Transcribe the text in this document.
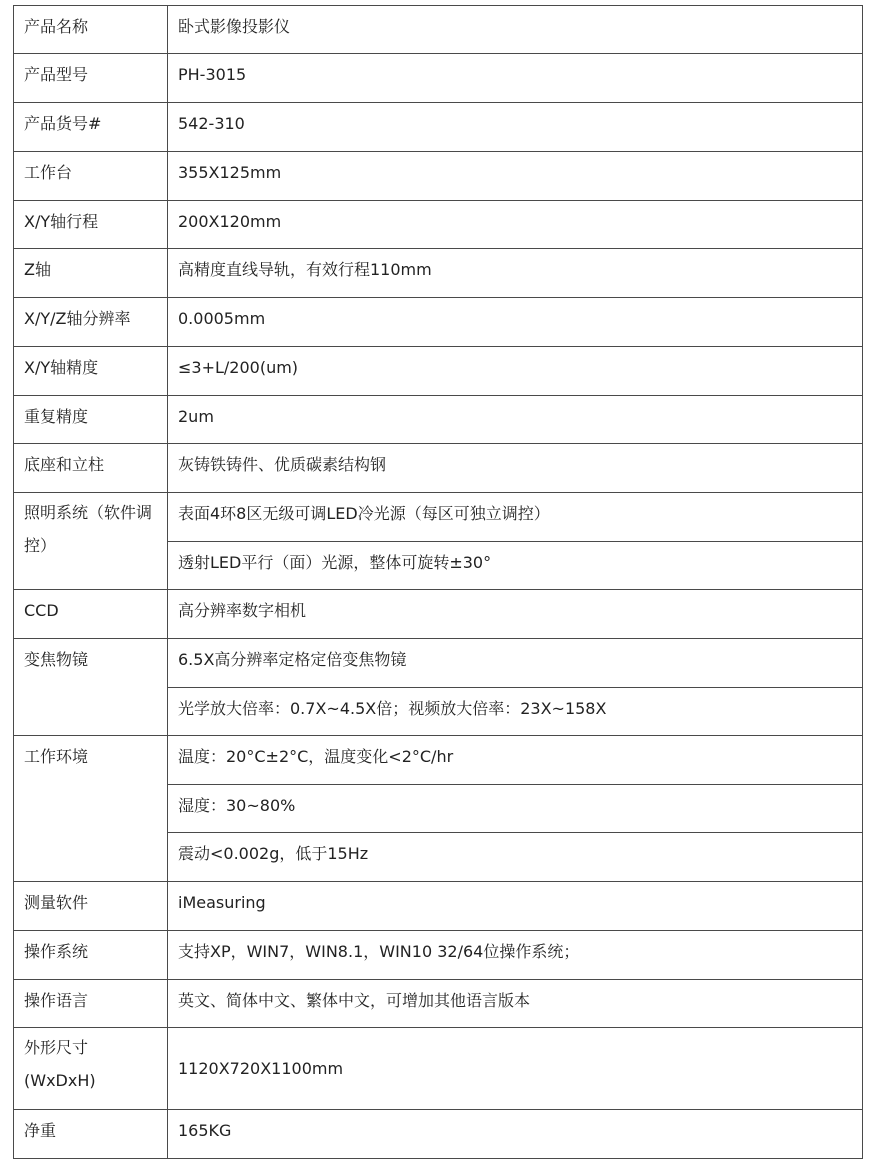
产品名称	卧式影像投影仪
产品型号	PH-3015
产品货号#	542-310
工作台	355X125mm
X/Y轴行程	200X120mm
Z轴	高精度直线导轨，有效行程110mm
X/Y/Z轴分辨率	0.0005mm
X/Y轴精度	≤3+L/200(um)
重复精度	2um
底座和立柱	灰铸铁铸件、优质碳素结构钢
照明系统（软件调控）	表面4环8区无级可调LED冷光源（每区可独立调控）
	透射LED平行（面）光源，整体可旋转±30°
CCD	高分辨率数字相机
变焦物镜	6.5X高分辨率定格定倍变焦物镜
	光学放大倍率：0.7X~4.5X倍；视频放大倍率：23X~158X
工作环境	温度：20°C±2°C，温度变化<2°C/hr
	湿度：30~80%
	震动<0.002g，低于15Hz
测量软件	iMeasuring
操作系统	支持XP，WIN7，WIN8.1，WIN10 32/64位操作系统；
操作语言	英文、简体中文、繁体中文，可增加其他语言版本

外形尺寸
(WxDxH)	1120X720X1100mm
净重	165KG
